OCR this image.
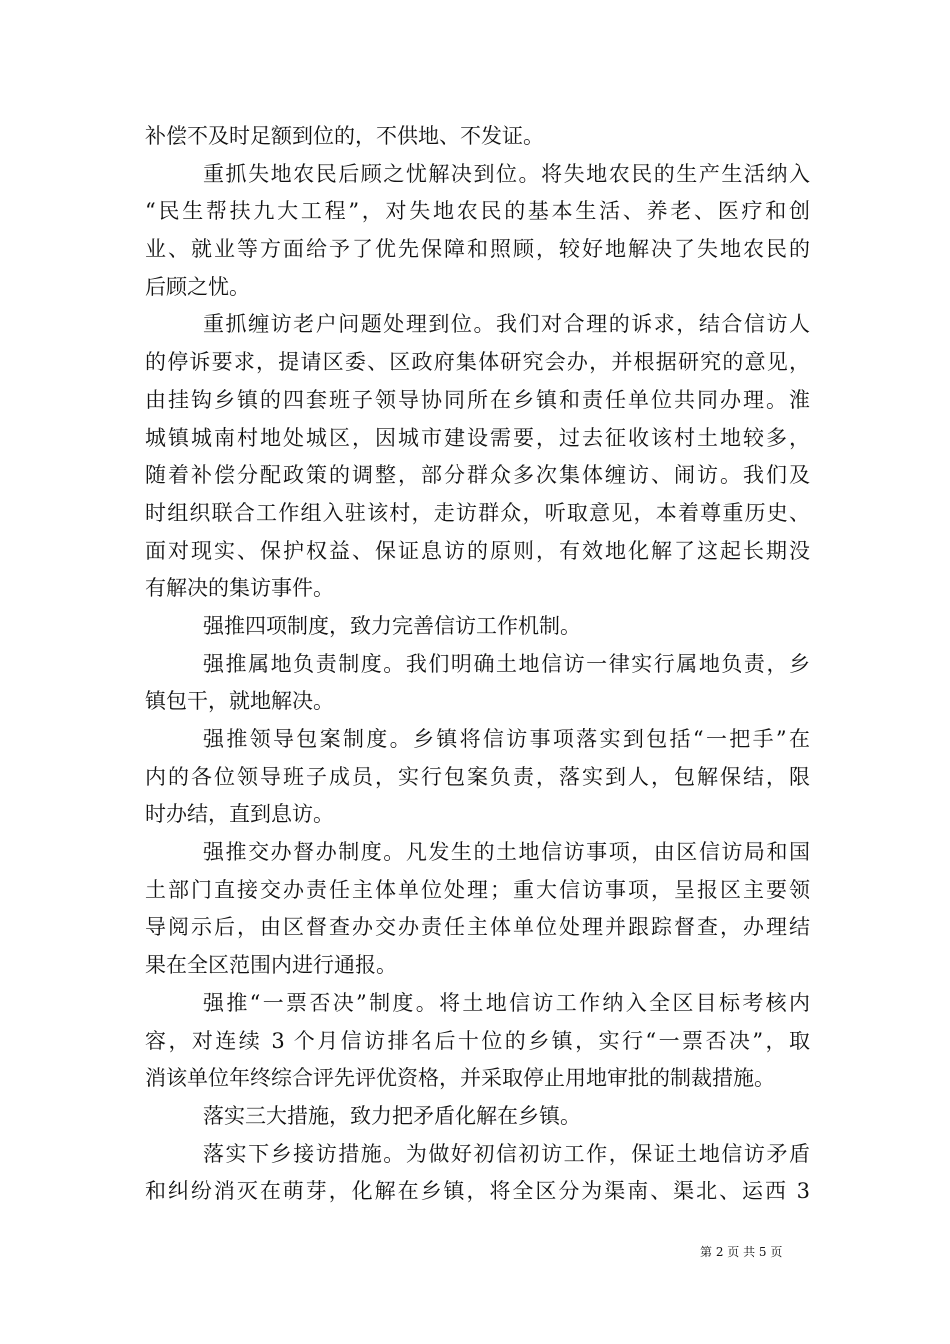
补偿不及时足额到位的，不供地、不发证。
重抓失地农民后顾之忧解决到位。将失地农民的生产生活纳入
“民生帮扶九大工程”，对失地农民的基本生活、养老、医疗和创
业、就业等方面给予了优先保障和照顾，较好地解决了失地农民的
后顾之忧。
重抓缠访老户问题处理到位。我们对合理的诉求，结合信访人
的停诉要求，提请区委、区政府集体研究会办，并根据研究的意见，
由挂钩乡镇的四套班子领导协同所在乡镇和责任单位共同办理。淮
城镇城南村地处城区，因城市建设需要，过去征收该村土地较多，
随着补偿分配政策的调整，部分群众多次集体缠访、闹访。我们及
时组织联合工作组入驻该村，走访群众，听取意见，本着尊重历史、
面对现实、保护权益、保证息访的原则，有效地化解了这起长期没
有解决的集访事件。
强推四项制度，致力完善信访工作机制。
强推属地负责制度。我们明确土地信访一律实行属地负责，乡
镇包干，就地解决。
强推领导包案制度。乡镇将信访事项落实到包括“一把手”在
内的各位领导班子成员，实行包案负责，落实到人，包解保结，限
时办结，直到息访。
强推交办督办制度。凡发生的土地信访事项，由区信访局和国
土部门直接交办责任主体单位处理；重大信访事项，呈报区主要领
导阅示后，由区督查办交办责任主体单位处理并跟踪督查，办理结
果在全区范围内进行通报。
强推“一票否决”制度。将土地信访工作纳入全区目标考核内
容，对连续 3 个月信访排名后十位的乡镇，实行“一票否决”，取
消该单位年终综合评先评优资格，并采取停止用地审批的制裁措施。
落实三大措施，致力把矛盾化解在乡镇。
落实下乡接访措施。为做好初信初访工作，保证土地信访矛盾
和纠纷消灭在萌芽，化解在乡镇，将全区分为渠南、渠北、运西 3
第 2 页 共 5 页
